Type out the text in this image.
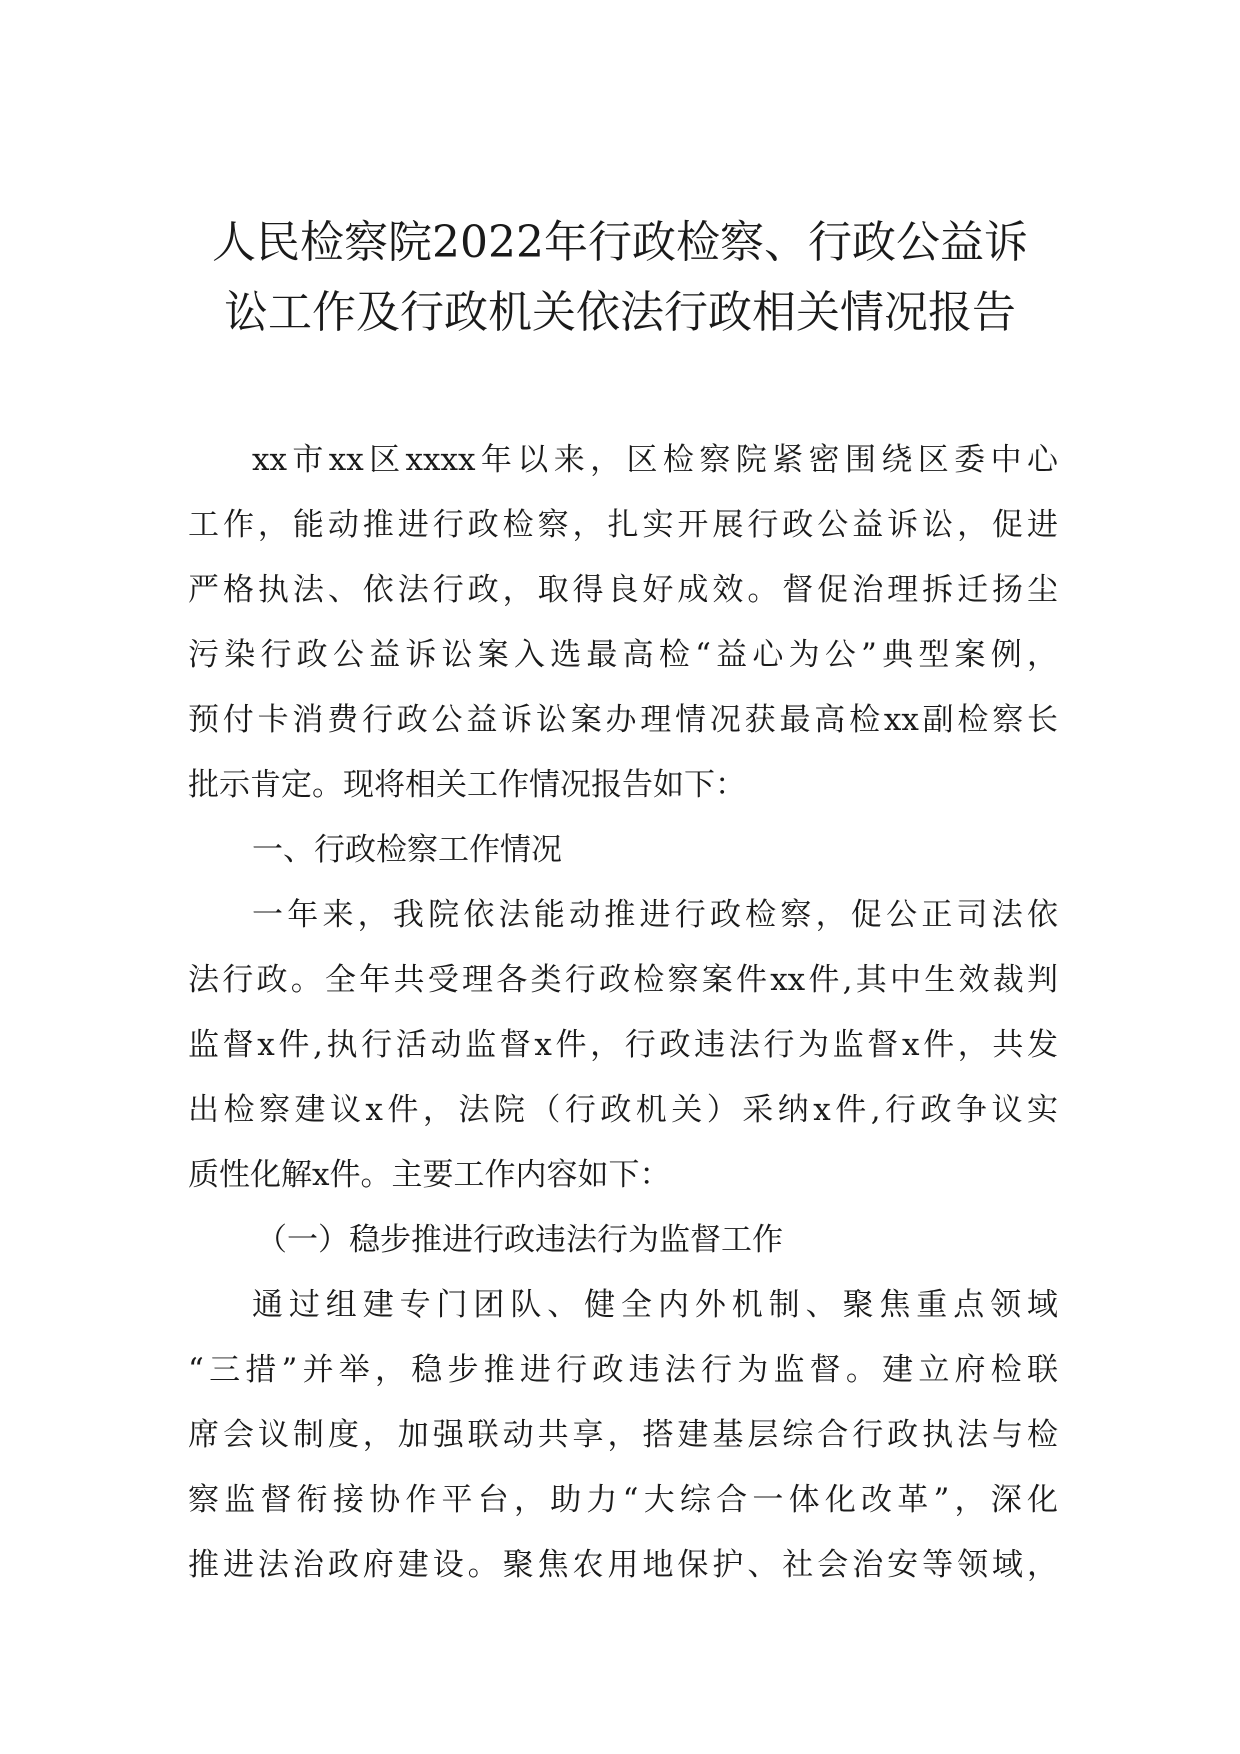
人民检察院2022年行政检察、行政公益诉
讼工作及行政机关依法行政相关情况报告
xx市xx区xxxx年以来，区检察院紧密围绕区委中心
工作，能动推进行政检察，扎实开展行政公益诉讼，促进
严格执法、依法行政，取得良好成效。督促治理拆迁扬尘
污染行政公益诉讼案入选最高检“益心为公”典型案例，
预付卡消费行政公益诉讼案办理情况获最高检xx副检察长
批示肯定。现将相关工作情况报告如下：
一、行政检察工作情况
一年来，我院依法能动推进行政检察，促公正司法依
法行政。全年共受理各类行政检察案件xx件,其中生效裁判
监督x件,执行活动监督x件，行政违法行为监督x件，共发
出检察建议x件，法院（行政机关）采纳x件,行政争议实
质性化解x件。主要工作内容如下：
（一）稳步推进行政违法行为监督工作
通过组建专门团队、健全内外机制、聚焦重点领域
“三措”并举，稳步推进行政违法行为监督。建立府检联
席会议制度，加强联动共享，搭建基层综合行政执法与检
察监督衔接协作平台，助力“大综合一体化改革”，深化
推进法治政府建设。聚焦农用地保护、社会治安等领域，
